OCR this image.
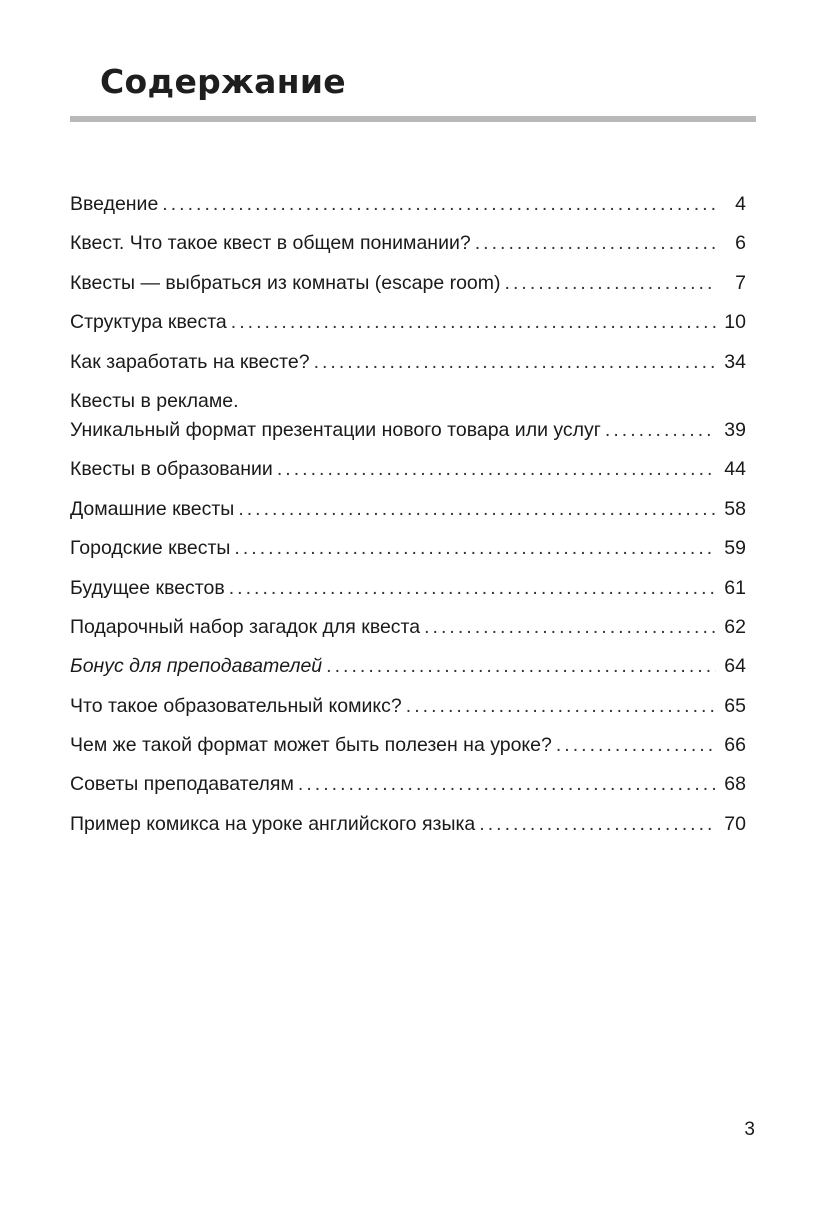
Содержание
Введение . . .	4
Квест. Что такое квест в общем понимании? . . .	6
Квесты — выбраться из комнаты (escape room) . . .	7
Структура квеста . . .	10
Как заработать на квесте? . . .	34
Квесты в рекламе.
Уникальный формат презентации нового товара или услуг . . .	39
Квесты в образовании . . .	44
Домашние квесты . . .	58
Городские квесты . . .	59
Будущее квестов . . .	61
Подарочный набор загадок для квеста . . .	62
Бонус для преподавателей . . .	64
Что такое образовательный комикс? . . .	65
Чем же такой формат может быть полезен на уроке? . . .	66
Советы преподавателям . . .	68
Пример комикса на уроке английского языка . . .	70
3
